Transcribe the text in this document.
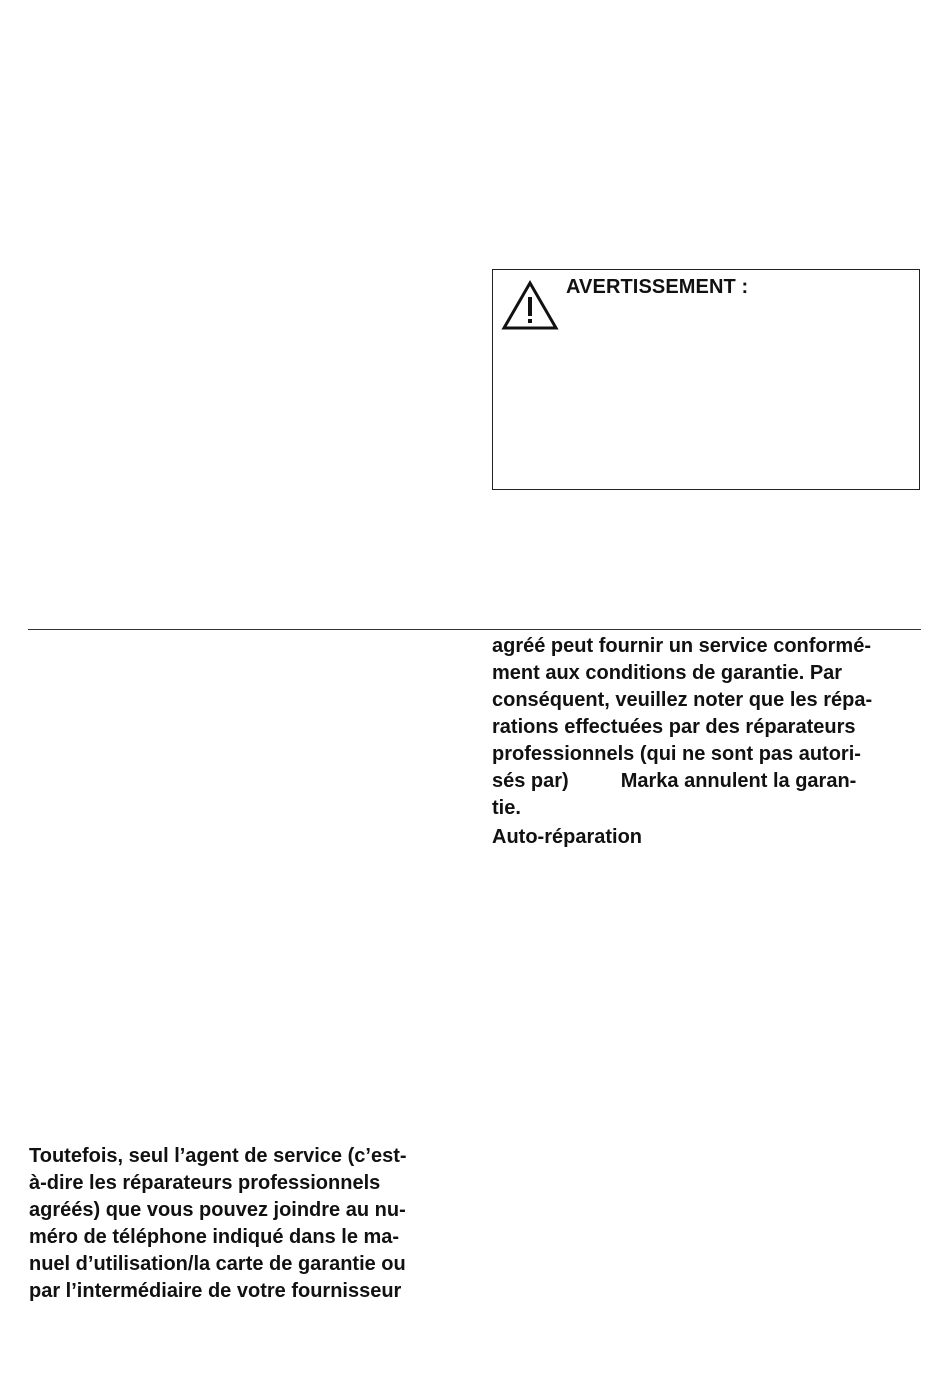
AVERTISSEMENT :
agréé peut fournir un service conformé-
ment aux conditions de garantie. Par
conséquent, veuillez noter que les répa-
rations effectuées par des réparateurs
professionnels (qui ne sont pas autori-
sés par)	Marka annulent la garan-
tie.
Auto-réparation
Toutefois, seul l’agent de service (c’est-
à-dire les réparateurs professionnels
agréés) que vous pouvez joindre au nu-
méro de téléphone indiqué dans le ma-
nuel d’utilisation/la carte de garantie ou
par l’intermédiaire de votre fournisseur
